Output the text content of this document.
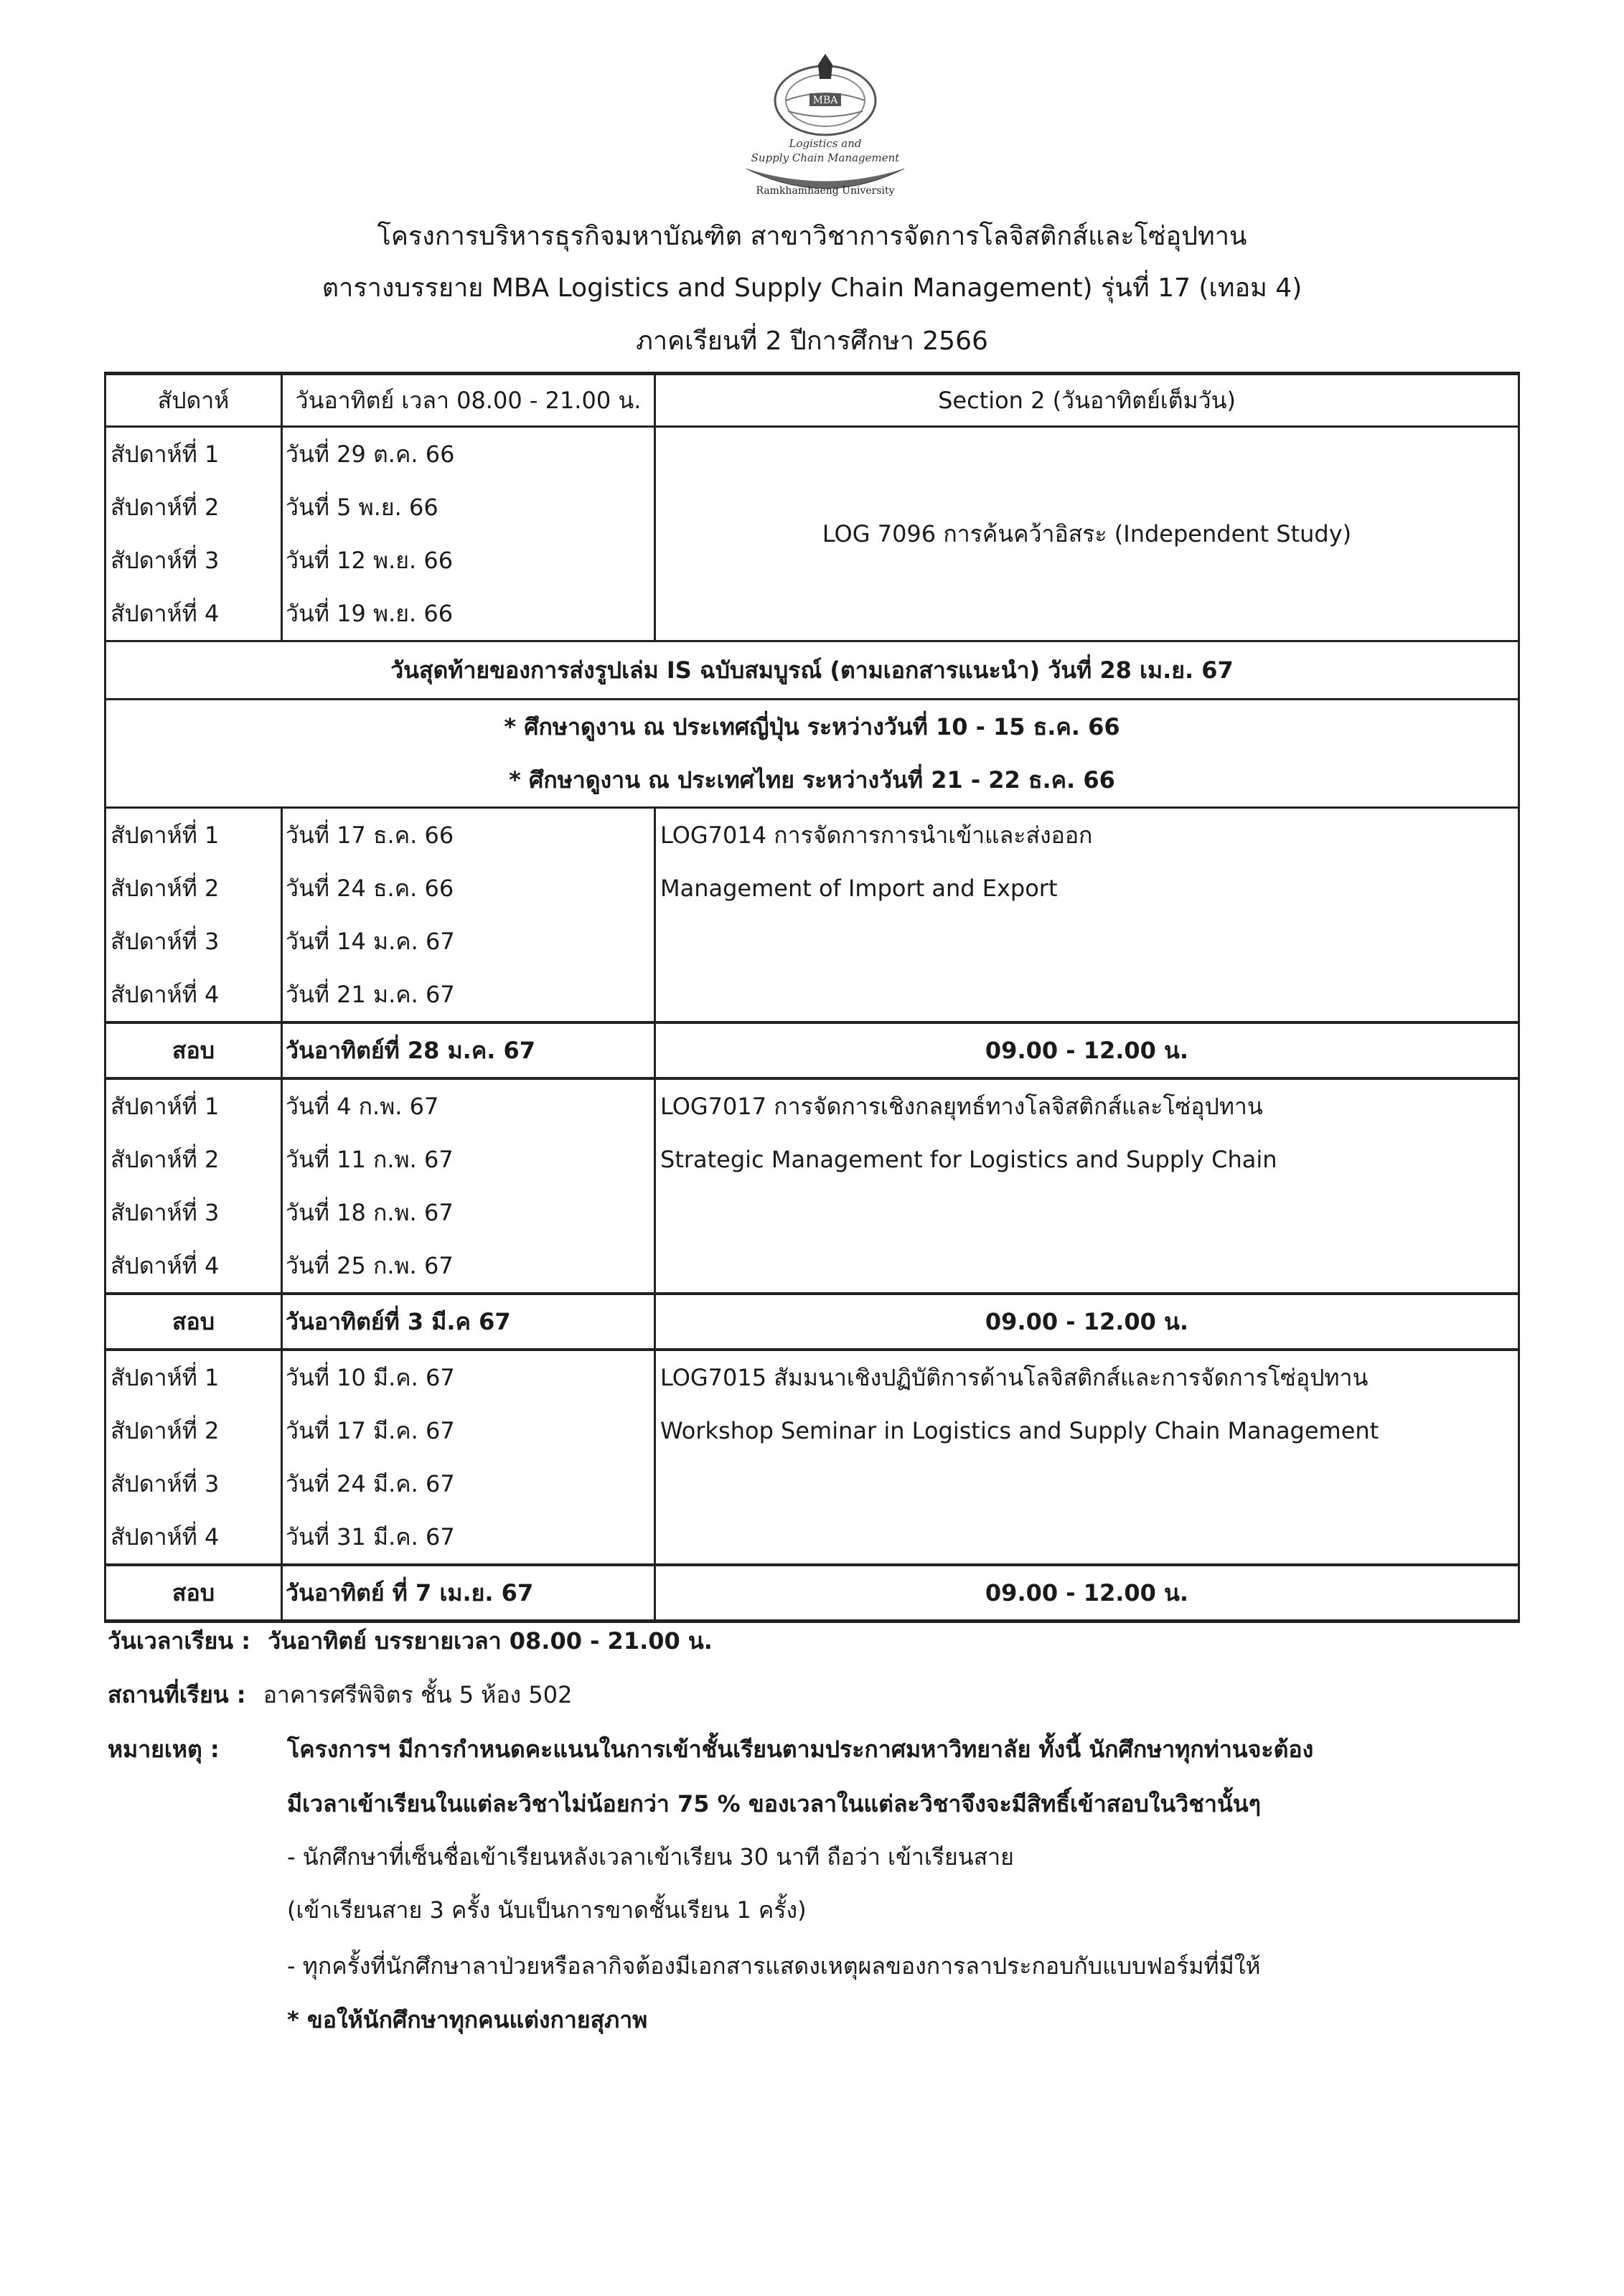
MBA
Logistics and
Supply Chain Management
Ramkhamhaeng University
โครงการบริหารธุรกิจมหาบัณฑิต สาขาวิชาการจัดการโลจิสติกส์และโซ่อุปทาน
ตารางบรรยาย MBA Logistics and Supply Chain Management) รุ่นที่ 17 (เทอม 4)
ภาคเรียนที่ 2 ปีการศึกษา 2566
สัปดาห์	วันอาทิตย์ เวลา 08.00 - 21.00 น.	Section 2 (วันอาทิตย์เต็มวัน)
สัปดาห์ที่ 1	วันที่ 29 ต.ค. 66	LOG 7096 การค้นคว้าอิสระ (Independent Study)
สัปดาห์ที่ 2	วันที่ 5 พ.ย. 66	
สัปดาห์ที่ 3	วันที่ 12 พ.ย. 66	
สัปดาห์ที่ 4	วันที่ 19 พ.ย. 66	
วันสุดท้ายของการส่งรูปเล่ม IS ฉบับสมบูรณ์ (ตามเอกสารแนะนำ) วันที่ 28 เม.ย. 67		
* ศึกษาดูงาน ณ ประเทศญี่ปุ่น ระหว่างวันที่ 10 - 15 ธ.ค. 66		
* ศึกษาดูงาน ณ ประเทศไทย ระหว่างวันที่ 21 - 22 ธ.ค. 66		
สัปดาห์ที่ 1	วันที่ 17 ธ.ค. 66	LOG7014 การจัดการการนำเข้าและส่งออก
สัปดาห์ที่ 2	วันที่ 24 ธ.ค. 66	Management of Import and Export
สัปดาห์ที่ 3	วันที่ 14 ม.ค. 67	
สัปดาห์ที่ 4	วันที่ 21 ม.ค. 67	
สอบ	วันอาทิตย์ที่ 28 ม.ค. 67	09.00 - 12.00 น.
สัปดาห์ที่ 1	วันที่ 4 ก.พ. 67	LOG7017 การจัดการเชิงกลยุทธ์ทางโลจิสติกส์และโซ่อุปทาน
สัปดาห์ที่ 2	วันที่ 11 ก.พ. 67	Strategic Management for Logistics and Supply Chain
สัปดาห์ที่ 3	วันที่ 18 ก.พ. 67	
สัปดาห์ที่ 4	วันที่ 25 ก.พ. 67	
สอบ	วันอาทิตย์ที่ 3 มี.ค 67	09.00 - 12.00 น.
สัปดาห์ที่ 1	วันที่ 10 มี.ค. 67	LOG7015 สัมมนาเชิงปฏิบัติการด้านโลจิสติกส์และการจัดการโซ่อุปทาน
สัปดาห์ที่ 2	วันที่ 17 มี.ค. 67	Workshop Seminar in Logistics and Supply Chain Management
สัปดาห์ที่ 3	วันที่ 24 มี.ค. 67	
สัปดาห์ที่ 4	วันที่ 31 มี.ค. 67	
สอบ	วันอาทิตย์ ที่ 7 เม.ย. 67	09.00 - 12.00 น.
วันเวลาเรียน : วันอาทิตย์ บรรยายเวลา 08.00 - 21.00 น.
สถานที่เรียน : อาคารศรีพิจิตร ชั้น 5 ห้อง 502
หมายเหตุ :	โครงการฯ มีการกำหนดคะแนนในการเข้าชั้นเรียนตามประกาศมหาวิทยาลัย ทั้งนี้ นักศึกษาทุกท่านจะต้อง
มีเวลาเข้าเรียนในแต่ละวิชาไม่น้อยกว่า 75 % ของเวลาในแต่ละวิชาจึงจะมีสิทธิ์เข้าสอบในวิชานั้นๆ
- นักศึกษาที่เซ็นชื่อเข้าเรียนหลังเวลาเข้าเรียน 30 นาที ถือว่า เข้าเรียนสาย
(เข้าเรียนสาย 3 ครั้ง นับเป็นการขาดชั้นเรียน 1 ครั้ง)
- ทุกครั้งที่นักศึกษาลาป่วยหรือลากิจต้องมีเอกสารแสดงเหตุผลของการลาประกอบกับแบบฟอร์มที่มีให้
* ขอให้นักศึกษาทุกคนแต่งกายสุภาพ
